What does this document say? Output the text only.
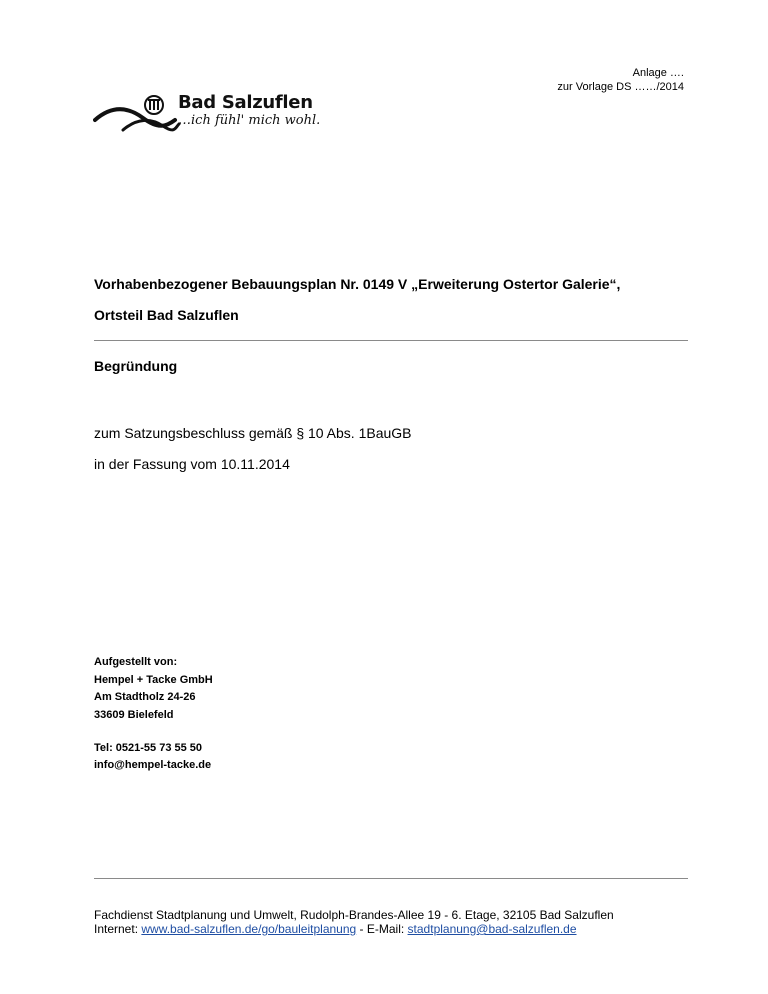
Anlage ….
zur Vorlage DS ……/2014
Bad Salzuflen
…ich fühl' mich wohl.
Vorhabenbezogener Bebauungsplan Nr. 0149 V „Erweiterung Ostertor Galerie“,
Ortsteil Bad Salzuflen
Begründung
zum Satzungsbeschluss gemäß § 10 Abs. 1BauGB
in der Fassung vom 10.11.2014
Aufgestellt von:
Hempel + Tacke GmbH
Am Stadtholz 24-26
33609 Bielefeld
Tel: 0521-55 73 55 50
info@hempel-tacke.de
Fachdienst Stadtplanung und Umwelt, Rudolph-Brandes-Allee 19 - 6. Etage, 32105 Bad Salzuflen
Internet: www.bad-salzuflen.de/go/bauleitplanung - E-Mail: stadtplanung@bad-salzuflen.de
